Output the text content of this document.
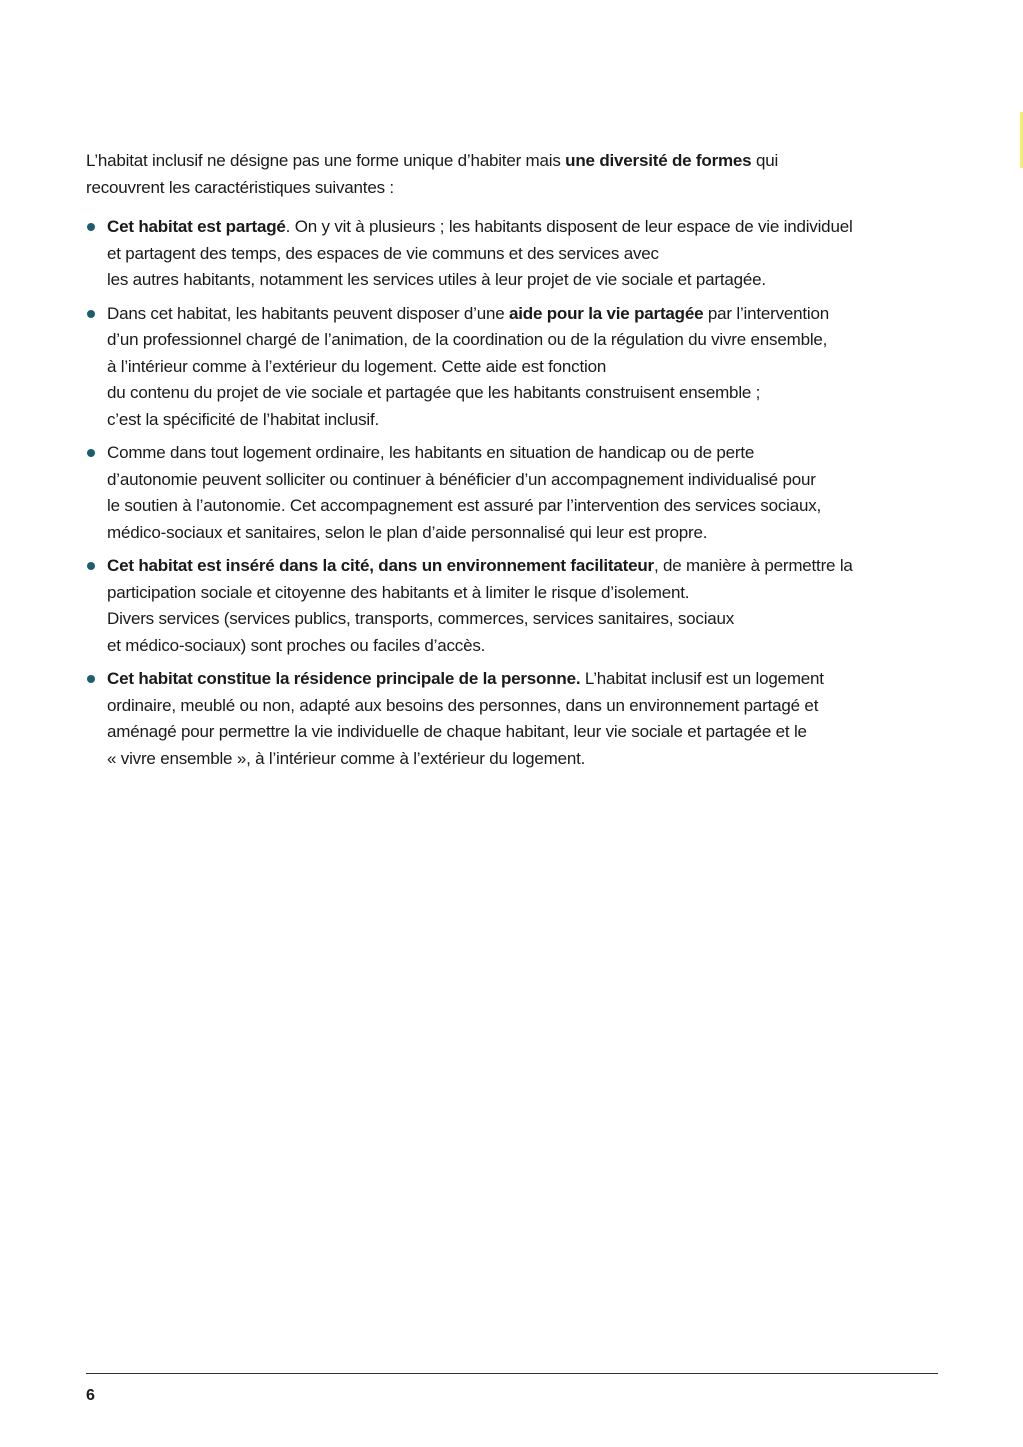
L’habitat inclusif ne désigne pas une forme unique d’habiter mais une diversité de formes qui
recouvrent les caractéristiques suivantes :

Cet habitat est partagé. On y vit à plusieurs ; les habitants disposent de leur espace de vie individuel
et partagent des temps, des espaces de vie communs et des services avec
les autres habitants, notamment les services utiles à leur projet de vie sociale et partagée.
Dans cet habitat, les habitants peuvent disposer d’une aide pour la vie partagée par l’intervention
d’un professionnel chargé de l’animation, de la coordination ou de la régulation du vivre ensemble,
à l’intérieur comme à l’extérieur du logement. Cette aide est fonction
du contenu du projet de vie sociale et partagée que les habitants construisent ensemble ;
c’est la spécificité de l’habitat inclusif.
Comme dans tout logement ordinaire, les habitants en situation de handicap ou de perte
d’autonomie peuvent solliciter ou continuer à bénéficier d’un accompagnement individualisé pour
le soutien à l’autonomie. Cet accompagnement est assuré par l’intervention des services sociaux,
médico-sociaux et sanitaires, selon le plan d’aide personnalisé qui leur est propre.
Cet habitat est inséré dans la cité, dans un environnement facilitateur, de manière à permettre la
participation sociale et citoyenne des habitants et à limiter le risque d’isolement.
Divers services (services publics, transports, commerces, services sanitaires, sociaux
et médico-sociaux) sont proches ou faciles d’accès.
Cet habitat constitue la résidence principale de la personne. L’habitat inclusif est un logement
ordinaire, meublé ou non, adapté aux besoins des personnes, dans un environnement partagé et
aménagé pour permettre la vie individuelle de chaque habitant, leur vie sociale et partagée et le
« vivre ensemble », à l’intérieur comme à l’extérieur du logement.
6
